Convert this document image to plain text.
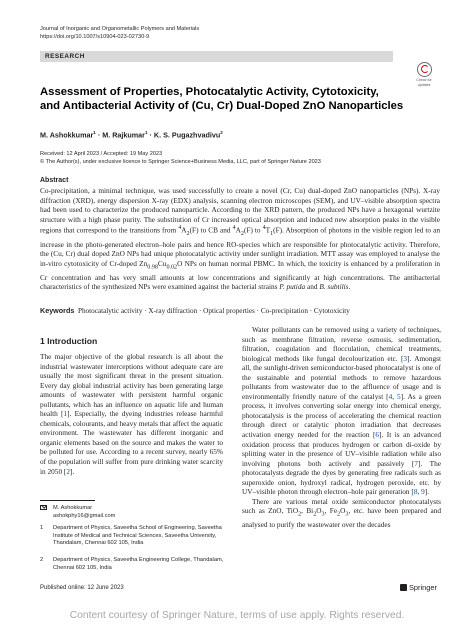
Journal of Inorganic and Organometallic Polymers and Materials
https://doi.org/10.1007/s10904-023-02730-9
RESEARCH
Check for
updates
Assessment of Properties, Photocatalytic Activity, Cytotoxicity,
and Antibacterial Activity of (Cu, Cr) Dual-Doped ZnO Nanoparticles
M. Ashokkumar$^1$ · M. Rajkumar$^1$ · K. S. Pugazhvadivu$^2$
Received: 12 April 2023 / Accepted: 19 May 2023
© The Author(s), under exclusive licence to Springer Science+Business Media, LLC, part of Springer Nature 2023
Abstract
Co-precipitation, a minimal technique, was used successfully to create a novel (Cr, Cu) dual-doped ZnO nanoparticles (NPs). X-ray diffraction (XRD), energy dispersion X-ray (EDX) analysis, scanning electron microscopes (SEM), and UV–visible absorption spectra had been used to characterize the produced nanoparticle. According to the XRD pattern, the produced NPs have a hexagonal wurtzite structure with a high phase purity. The substitution of Cr increased optical absorption and induced new absorption peaks in the visible regions that correspond to the transitions from $^4A_2(F)$ to CB and $^4A_2(F)$ to $^4T_1(F)$. Absorption of photons in the visible region led to an increase in the photo-generated electron–hole pairs and hence RO-species which are responsible for photocatalytic activity. Therefore, the (Cu, Cr) dual doped ZnO NPs had unique photocatalytic activity under sunlight irradiation. MTT assay was employed to analyse the in-vitro cytotoxicity of Cr-doped $Zn_{0.98}Cu_{0.02}O$ NPs on human normal PBMC. In which, the toxicity is enhanced by a proliferation in Cr concentration and has very small amounts at low concentrations and significantly at high concentrations. The antibacterial characteristics of the synthesized NPs were examined against the bacterial strains P. putida and B. subtilis.
Keywords Photocatalytic activity · X-ray diffraction · Optical properties · Co-precipitation · Cytotoxicity
1 Introduction
The major objective of the global research is all about the industrial wastewater interceptions without adequate care are usually the most significant threat in the present situation. Every day global industrial activity has been generating large amounts of wastewater with persistent harmful organic pollutants, which has an influence on aquatic life and human health [1]. Especially, the dyeing industries release harmful chemicals, colourants, and heavy metals that affect the aquatic environment. The wastewater has different inorganic and organic elements based on the source and makes the water to be polluted for use. According to a recent survey, nearly 65% of the population will suffer from pure drinking water scarcity in 2050 [2].
Water pollutants can be removed using a variety of techniques, such as membrane filtration, reverse osmosis, sedimentation, filtration, coagulation and flocculation, chemical treatments, biological methods like fungal decolourization etc. [3]. Amongst all, the sunlight-driven semiconductor-based photocatalyst is one of the sustainable and potential methods to remove hazardous pollutants from wastewater due to the affluence of usage and is environmentally friendly nature of the catalyst [4, 5]. As a green process, it involves converting solar energy into chemical energy, photocatalysis is the process of accelerating the chemical reaction through direct or catalytic photon irradiation that decreases activation energy needed for the reaction [6]. It is an advanced oxidation process that produces hydrogen or carbon di-oxide by splitting water in the presence of UV–visible radiation while also involving photons both actively and passively [7]. The photocatalysts degrade the dyes by generating free radicals such as superoxide onion, hydroxyl radical, hydrogen peroxide, etc. by UV–visible photon through electron–hole pair generation [8, 9].
There are various metal oxide semiconductor photocatalysts such as ZnO, TiO$_2$, $Bi_2O_3$, $Fe_2O_3$, etc. have been prepared and analysed to purify the wastewater over the decades
M. Ashokkumar
ashokphy16@gmail.com
1 Department of Physics, Saveetha School of Engineering, Saveetha Institute of Medical and Technical Sciences, Saveetha University, Thandalam, Chennai 602 105, India
2 Department of Physics, Saveetha Engineering College, Thandalam, Chennai 602 105, India
Published online: 12 June 2023	Springer
Content courtesy of Springer Nature, terms of use apply. Rights reserved.
